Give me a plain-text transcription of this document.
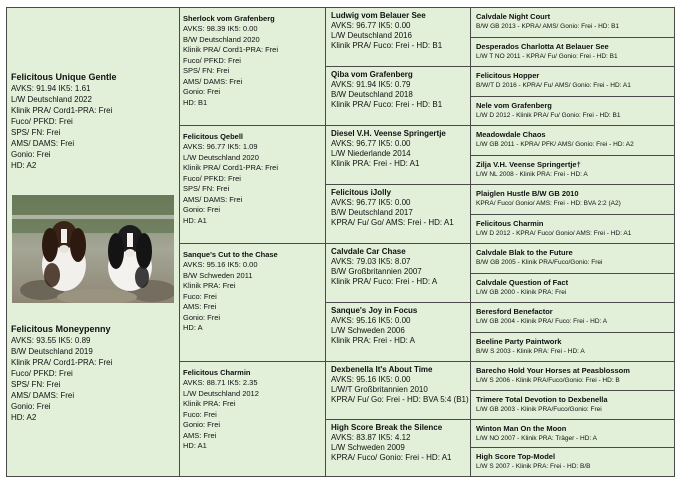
Felicitous Unique Gentle
AVKS: 91.94 IK5: 1.61
L/W Deutschland 2022
Klinik PRA/ Cord1-PRA: Frei
Fuco/ PFKD: Frei
SPS/ FN: Frei
AMS/ DAMS: Frei
Gonio: Frei
HD: A2
Felicitous Moneypenny
AVKS: 93.55 IK5: 0.89
B/W Deutschland 2019
Klinik PRA/ Cord1-PRA: Frei
Fuco/ PFKD: Frei
SPS/ FN: Frei
AMS/ DAMS: Frei
Gonio: Frei
HD: A2
Sherlock vom Grafenberg
AVKS: 98.39 IK5: 0.00
B/W Deutschland 2020
Klinik PRA/ Cord1-PRA: Frei
Fuco/ PFKD: Frei
SPS/ FN: Frei
AMS/ DAMS: Frei
Gonio: Frei
HD: B1
Felicitous Qebell
AVKS: 96.77 IK5: 1.09
L/W Deutschland 2020
Klinik PRA/ Cord1-PRA: Frei
Fuco/ PFKD: Frei
SPS/ FN: Frei
AMS/ DAMS: Frei
Gonio: Frei
HD: A1
Sanque's Cut to the Chase
AVKS: 95.16 IK5: 0.00
B/W Schweden 2011
Klinik PRA: Frei
Fuco: Frei
AMS: Frei
Gonio: Frei
HD: A
Felicitous Charmin
AVKS: 88.71 IK5: 2.35
L/W Deutschland 2012
Klinik PRA: Frei
Fuco: Frei
Gonio: Frei
AMS: Frei
HD: A1
Ludwig vom Belauer See
AVKS: 96.77 IK5: 0.00
L/W Deutschland 2016
Klinik PRA/ Fuco: Frei - HD: B1
Qiba vom Grafenberg
AVKS: 91.94 IK5: 0.79
B/W Deutschland 2018
Klinik PRA/ Fuco: Frei - HD: B1
Diesel V.H. Veense Springertje
AVKS: 96.77 IK5: 0.00
L/W Niederlande 2014
Klinik PRA: Frei - HD: A1
Felicitous iJolly
AVKS: 96.77 IK5: 0.00
B/W Deutschland 2017
KPRA/ Fu/ Go/ AMS: Frei - HD: A1
Calvdale Car Chase
AVKS: 79.03 IK5: 8.07
B/W Großbritannien 2007
Klinik PRA/ Fuco: Frei - HD: A
Sanque's Joy in Focus
AVKS: 95.16 IK5: 0.00
L/W Schweden 2006
Klinik PRA: Frei - HD: A
Dexbenella It's About Time
AVKS: 95.16 IK5: 0.00
L/W/T Großbritannien 2010
KPRA/ Fu/ Go: Frei - HD: BVA 5:4 (B1)
High Score Break the Silence
AVKS: 83.87 IK5: 4.12
L/W Schweden 2009
KPRA/ Fuco/ Gonio: Frei - HD: A1
Calvdale Night Court
B/W GB 2013 - KPRA/ AMS/ Gonio: Frei - HD: B1
Desperados Charlotta At Belauer See
L/W T NO 2011 - KPRA/ Fu/ Gonio: Frei - HD: B1
Felicitous Hopper
B/W/T D 2016 - KPRA/ Fu/ AMS/ Gonio: Frei - HD: A1
Nele vom Grafenberg
L/W D 2012 - Klinik PRA/ Fu/ Gonio: Frei - HD: B1
Meadowdale Chaos
L/W GB 2011 - KPRA/ PFK/ AMS/ Gonio: Frei - HD: A2
Zilja V.H. Veense Springertje†
L/W NL 2008 - Klinik PRA: Frei - HD: A
Plaiglen Hustle B/W GB 2010
KPRA/ Fuco/ Gonio/ AMS: Frei - HD: BVA 2:2 (A2)
Felicitous Charmin
L/W D 2012 - KPRA/ Fuco/ Gonio/ AMS: Frei - HD: A1
Calvdale Blak to the Future
B/W GB 2005 - Klinik PRA/Fuco/Gonio: Frei
Calvdale Question of Fact
L/W GB 2000 - Klinik PRA: Frei
Beresford Benefactor
L/W GB 2004 - Klinik PRA/ Fuco: Frei - HD: A
Beeline Party Paintwork
B/W S 2003 - Klinik PRA: Frei - HD: A
Barecho Hold Your Horses at Peasblossom
L/W S 2006 - Klinik PRA/Fuco/Gonio: Frei - HD: B
Trimere Total Devotion to Dexbenella
L/W GB 2003 - Klinik PRA/Fuco/Gonio: Frei
Winton Man On the Moon
L/W NO 2007 - Klinik PRA: Träger - HD: A
High Score Top-Model
L/W S 2007 - Klinik PRA: Frei - HD: B/B
